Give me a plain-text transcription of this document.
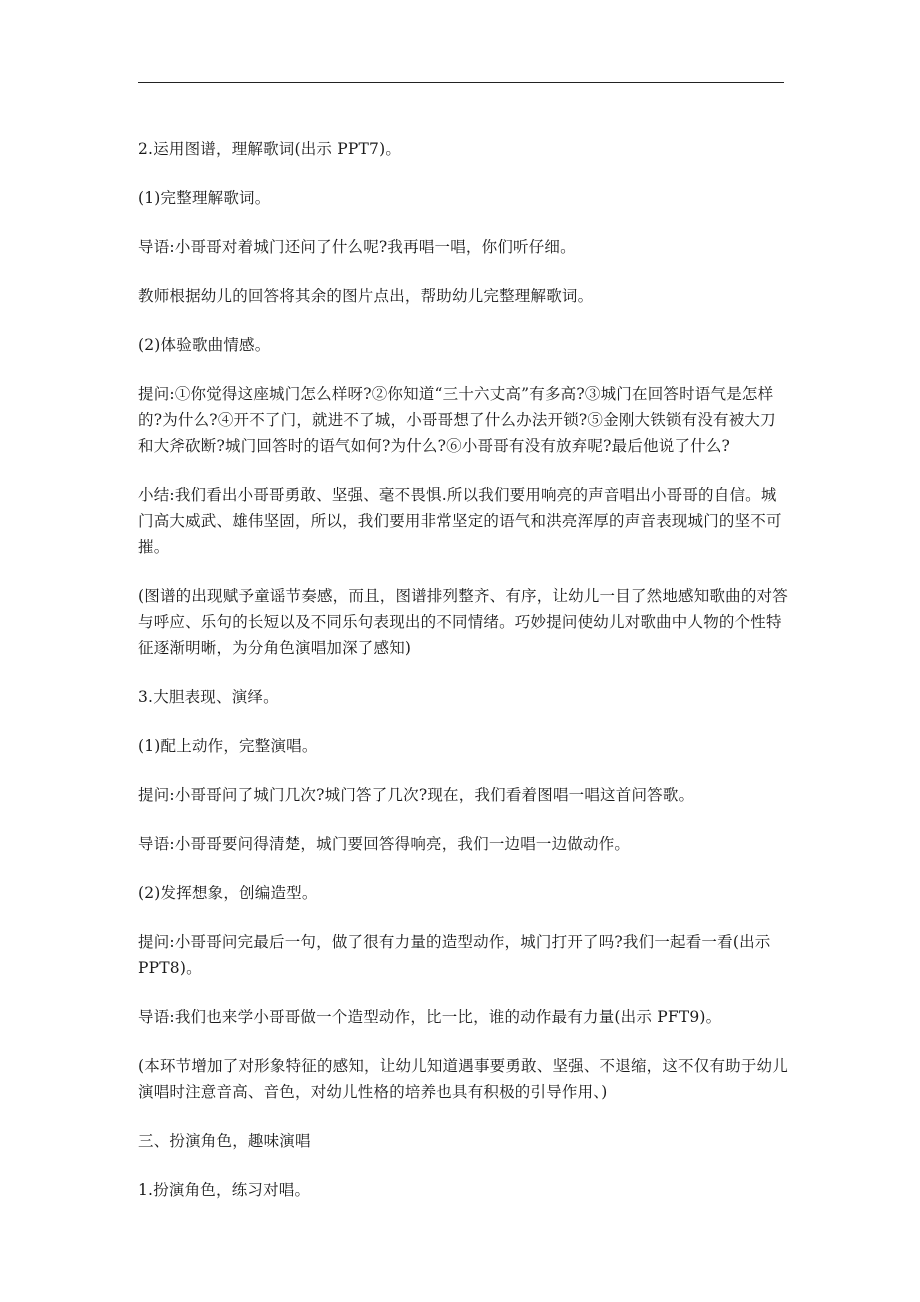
2.运用图谱，理解歌词(出示 PPT7)。

(1)完整理解歌词。

导语:小哥哥对着城门还问了什么呢?我再唱一唱，你们听仔细。

教师根据幼儿的回答将其余的图片点出，帮助幼儿完整理解歌词。

(2)体验歌曲情感。

提问:①你觉得这座城门怎么样呀?②你知道“三十六丈高”有多高?③城门在回答时语气是怎样的?为什么?④开不了门，就进不了城，小哥哥想了什么办法开锁?⑤金刚大铁锁有没有被大刀和大斧砍断?城门回答时的语气如何?为什么?⑥小哥哥有没有放弃呢?最后他说了什么?

小结:我们看出小哥哥勇敢、坚强、毫不畏惧.所以我们要用响亮的声音唱出小哥哥的自信。城门高大威武、雄伟坚固，所以，我们要用非常坚定的语气和洪亮浑厚的声音表现城门的坚不可摧。

(图谱的出现赋予童谣节奏感，而且，图谱排列整齐、有序，让幼儿一目了然地感知歌曲的对答与呼应、乐句的长短以及不同乐句表现出的不同情绪。巧妙提问使幼儿对歌曲中人物的个性特征逐渐明晰，为分角色演唱加深了感知)

3.大胆表现、演绎。

(1)配上动作，完整演唱。

提问:小哥哥问了城门几次?城门答了几次?现在，我们看着图唱一唱这首问答歌。

导语:小哥哥要问得清楚，城门要回答得响亮，我们一边唱一边做动作。

(2)发挥想象，创编造型。

提问:小哥哥问完最后一句，做了很有力量的造型动作，城门打开了吗?我们一起看一看(出示 PPT8)。

导语:我们也来学小哥哥做一个造型动作，比一比，谁的动作最有力量(出示 PFT9)。

(本环节增加了对形象特征的感知，让幼儿知道遇事要勇敢、坚强、不退缩，这不仅有助于幼儿演唱时注意音高、音色，对幼儿性格的培养也具有积极的引导作用、)

三、扮演角色，趣味演唱

1.扮演角色，练习对唱。
